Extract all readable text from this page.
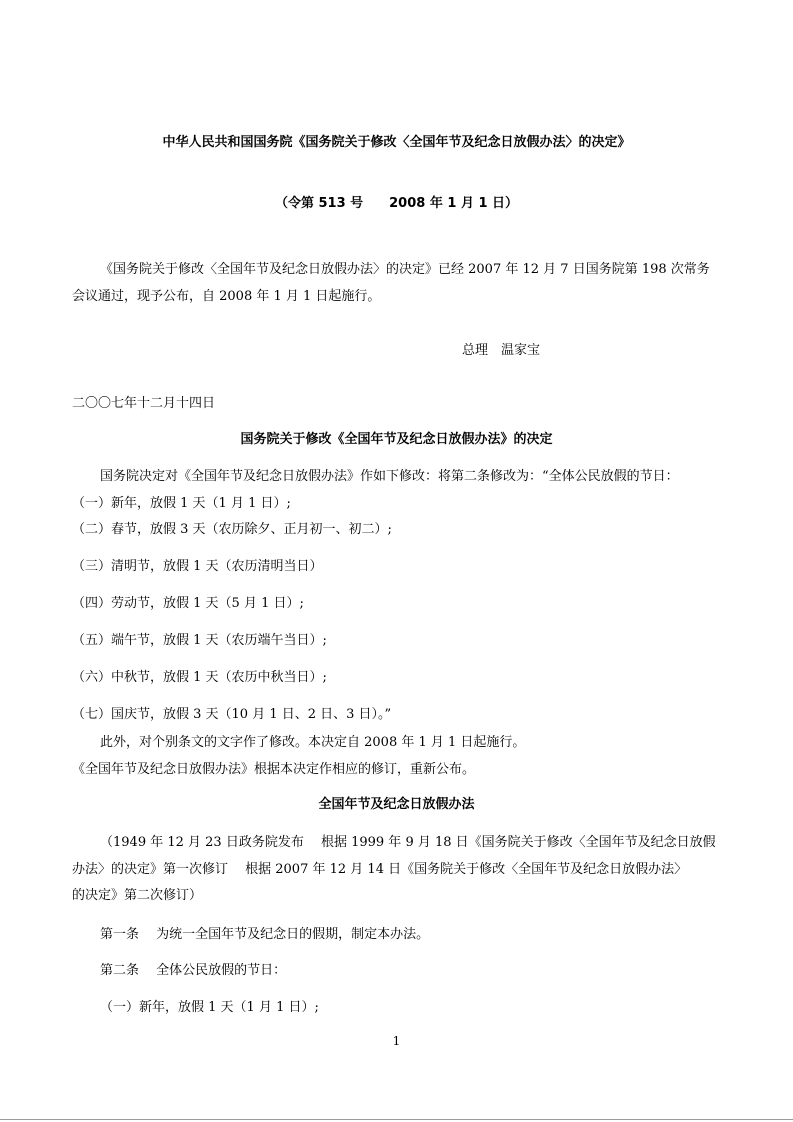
中华人民共和国国务院《国务院关于修改〈全国年节及纪念日放假办法〉的决定》
（令第 513 号　　2008 年 1 月 1 日）
《国务院关于修改〈全国年节及纪念日放假办法〉的决定》已经 2007 年 12 月 7 日国务院第 198 次常务
会议通过，现予公布，自 2008 年 1 月 1 日起施行。
总理　温家宝
二〇〇七年十二月十四日
国务院关于修改《全国年节及纪念日放假办法》的决定
国务院决定对《全国年节及纪念日放假办法》作如下修改：将第二条修改为：“全体公民放假的节日：
（一）新年，放假 1 天（1 月 1 日）;
（二）春节，放假 3 天（农历除夕、正月初一、初二）;
（三）清明节，放假 1 天（农历清明当日）
（四）劳动节，放假 1 天（5 月 1 日）;
（五）端午节，放假 1 天（农历端午当日）;
（六）中秋节，放假 1 天（农历中秋当日）;
（七）国庆节，放假 3 天（10 月 1 日、2 日、3 日）。”
此外，对个别条文的文字作了修改。本决定自 2008 年 1 月 1 日起施行。
《全国年节及纪念日放假办法》根据本决定作相应的修订，重新公布。
全国年节及纪念日放假办法
（1949 年 12 月 23 日政务院发布　 根据 1999 年 9 月 18 日《国务院关于修改〈全国年节及纪念日放假
办法〉的决定》第一次修订　 根据 2007 年 12 月 14 日《国务院关于修改〈全国年节及纪念日放假办法〉
的决定》第二次修订）
第一条　 为统一全国年节及纪念日的假期，制定本办法。
第二条　 全体公民放假的节日：
（一）新年，放假 1 天（1 月 1 日）;
1
